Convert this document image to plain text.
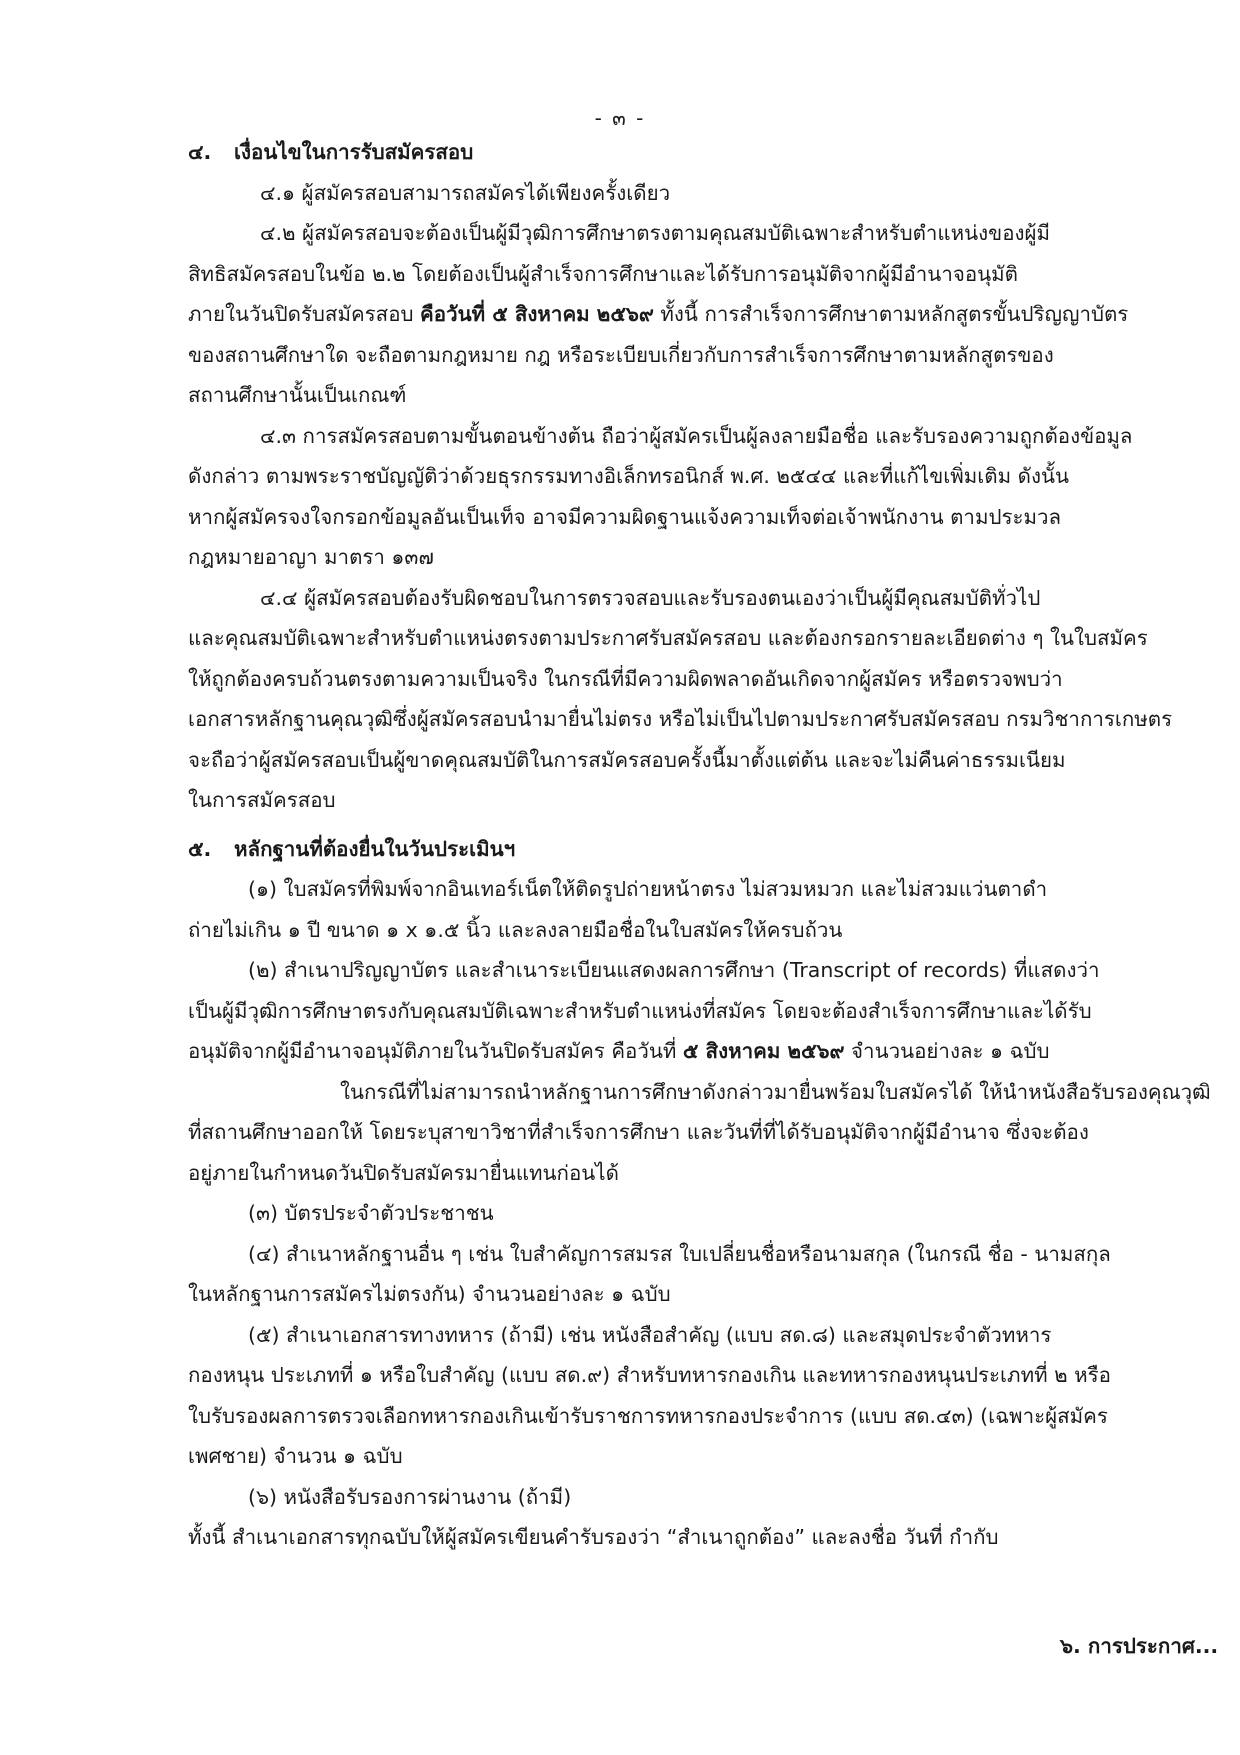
- ๓ -
๔. เงื่อนไขในการรับสมัครสอบ
๔.๑ ผู้สมัครสอบสามารถสมัครได้เพียงครั้งเดียว
๔.๒ ผู้สมัครสอบจะต้องเป็นผู้มีวุฒิการศึกษาตรงตามคุณสมบัติเฉพาะสำหรับตำแหน่งของผู้มี
สิทธิสมัครสอบในข้อ ๒.๒ โดยต้องเป็นผู้สำเร็จการศึกษาและได้รับการอนุมัติจากผู้มีอำนาจอนุมัติ
ภายในวันปิดรับสมัครสอบ คือวันที่ ๕ สิงหาคม ๒๕๖๙ ทั้งนี้ การสำเร็จการศึกษาตามหลักสูตรขั้นปริญญาบัตร
ของสถานศึกษาใด จะถือตามกฎหมาย กฎ หรือระเบียบเกี่ยวกับการสำเร็จการศึกษาตามหลักสูตรของ
สถานศึกษานั้นเป็นเกณฑ์
๔.๓ การสมัครสอบตามขั้นตอนข้างต้น ถือว่าผู้สมัครเป็นผู้ลงลายมือชื่อ และรับรองความถูกต้องข้อมูล
ดังกล่าว ตามพระราชบัญญัติว่าด้วยธุรกรรมทางอิเล็กทรอนิกส์ พ.ศ. ๒๕๔๔ และที่แก้ไขเพิ่มเติม ดังนั้น
หากผู้สมัครจงใจกรอกข้อมูลอันเป็นเท็จ อาจมีความผิดฐานแจ้งความเท็จต่อเจ้าพนักงาน ตามประมวล
กฎหมายอาญา มาตรา ๑๓๗
๔.๔ ผู้สมัครสอบต้องรับผิดชอบในการตรวจสอบและรับรองตนเองว่าเป็นผู้มีคุณสมบัติทั่วไป
และคุณสมบัติเฉพาะสำหรับตำแหน่งตรงตามประกาศรับสมัครสอบ และต้องกรอกรายละเอียดต่าง ๆ ในใบสมัคร
ให้ถูกต้องครบถ้วนตรงตามความเป็นจริง ในกรณีที่มีความผิดพลาดอันเกิดจากผู้สมัคร หรือตรวจพบว่า
เอกสารหลักฐานคุณวุฒิซึ่งผู้สมัครสอบนำมายื่นไม่ตรง หรือไม่เป็นไปตามประกาศรับสมัครสอบ กรมวิชาการเกษตร
จะถือว่าผู้สมัครสอบเป็นผู้ขาดคุณสมบัติในการสมัครสอบครั้งนี้มาตั้งแต่ต้น และจะไม่คืนค่าธรรมเนียม
ในการสมัครสอบ
๕. หลักฐานที่ต้องยื่นในวันประเมินฯ
(๑) ใบสมัครที่พิมพ์จากอินเทอร์เน็ตให้ติดรูปถ่ายหน้าตรง ไม่สวมหมวก และไม่สวมแว่นตาดำ
ถ่ายไม่เกิน ๑ ปี ขนาด ๑ x ๑.๕ นิ้ว และลงลายมือชื่อในใบสมัครให้ครบถ้วน
(๒) สำเนาปริญญาบัตร และสำเนาระเบียนแสดงผลการศึกษา (Transcript of records) ที่แสดงว่า
เป็นผู้มีวุฒิการศึกษาตรงกับคุณสมบัติเฉพาะสำหรับตำแหน่งที่สมัคร โดยจะต้องสำเร็จการศึกษาและได้รับ
อนุมัติจากผู้มีอำนาจอนุมัติภายในวันปิดรับสมัคร คือวันที่ ๕ สิงหาคม ๒๕๖๙ จำนวนอย่างละ ๑ ฉบับ
ในกรณีที่ไม่สามารถนำหลักฐานการศึกษาดังกล่าวมายื่นพร้อมใบสมัครได้ ให้นำหนังสือรับรองคุณวุฒิ
ที่สถานศึกษาออกให้ โดยระบุสาขาวิชาที่สำเร็จการศึกษา และวันที่ที่ได้รับอนุมัติจากผู้มีอำนาจ ซึ่งจะต้อง
อยู่ภายในกำหนดวันปิดรับสมัครมายื่นแทนก่อนได้
(๓) บัตรประจำตัวประชาชน
(๔) สำเนาหลักฐานอื่น ๆ เช่น ใบสำคัญการสมรส ใบเปลี่ยนชื่อหรือนามสกุล (ในกรณี ชื่อ - นามสกุล
ในหลักฐานการสมัครไม่ตรงกัน) จำนวนอย่างละ ๑ ฉบับ
(๕) สำเนาเอกสารทางทหาร (ถ้ามี) เช่น หนังสือสำคัญ (แบบ สด.๘) และสมุดประจำตัวทหาร
กองหนุน ประเภทที่ ๑ หรือใบสำคัญ (แบบ สด.๙) สำหรับทหารกองเกิน และทหารกองหนุนประเภทที่ ๒ หรือ
ใบรับรองผลการตรวจเลือกทหารกองเกินเข้ารับราชการทหารกองประจำการ (แบบ สด.๔๓) (เฉพาะผู้สมัคร
เพศชาย) จำนวน ๑ ฉบับ
(๖) หนังสือรับรองการผ่านงาน (ถ้ามี)
ทั้งนี้ สำเนาเอกสารทุกฉบับให้ผู้สมัครเขียนคำรับรองว่า “สำเนาถูกต้อง” และลงชื่อ วันที่ กำกับ
๖. การประกาศ...
